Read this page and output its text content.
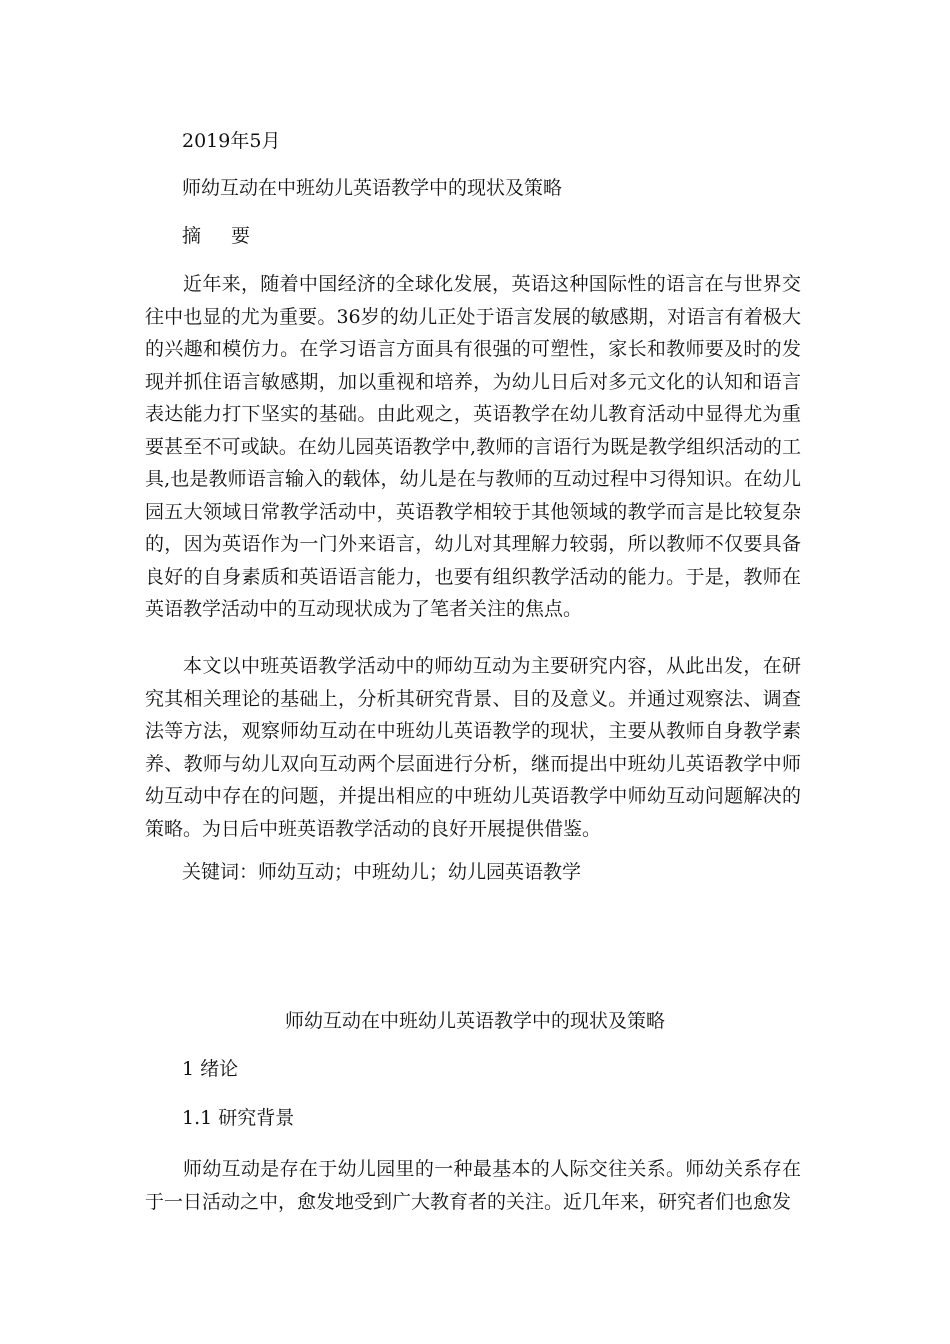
2019年5月
师幼互动在中班幼儿英语教学中的现状及策略
摘 要

近年来，随着中国经济的全球化发展，英语这种国际性的语言在与世界交往中也显的尤为重要。36岁的幼儿正处于语言发展的敏感期，对语言有着极大的兴趣和模仿力。在学习语言方面具有很强的可塑性，家长和教师要及时的发现并抓住语言敏感期，加以重视和培养，为幼儿日后对多元文化的认知和语言表达能力打下坚实的基础。由此观之，英语教学在幼儿教育活动中显得尤为重要甚至不可或缺。在幼儿园英语教学中,教师的言语行为既是教学组织活动的工具,也是教师语言输入的载体，幼儿是在与教师的互动过程中习得知识。在幼儿园五大领域日常教学活动中，英语教学相较于其他领域的教学而言是比较复杂的，因为英语作为一门外来语言，幼儿对其理解力较弱，所以教师不仅要具备良好的自身素质和英语语言能力，也要有组织教学活动的能力。于是，教师在英语教学活动中的互动现状成为了笔者关注的焦点。

本文以中班英语教学活动中的师幼互动为主要研究内容，从此出发，在研究其相关理论的基础上，分析其研究背景、目的及意义。并通过观察法、调查法等方法，观察师幼互动在中班幼儿英语教学的现状，主要从教师自身教学素养、教师与幼儿双向互动两个层面进行分析，继而提出中班幼儿英语教学中师幼互动中存在的问题，并提出相应的中班幼儿英语教学中师幼互动问题解决的策略。为日后中班英语教学活动的良好开展提供借鉴。

关键词：师幼互动；中班幼儿；幼儿园英语教学
师幼互动在中班幼儿英语教学中的现状及策略
1 绪论
1.1 研究背景

师幼互动是存在于幼儿园里的一种最基本的人际交往关系。师幼关系存在于一日活动之中，愈发地受到广大教育者的关注。近几年来，研究者们也愈发
